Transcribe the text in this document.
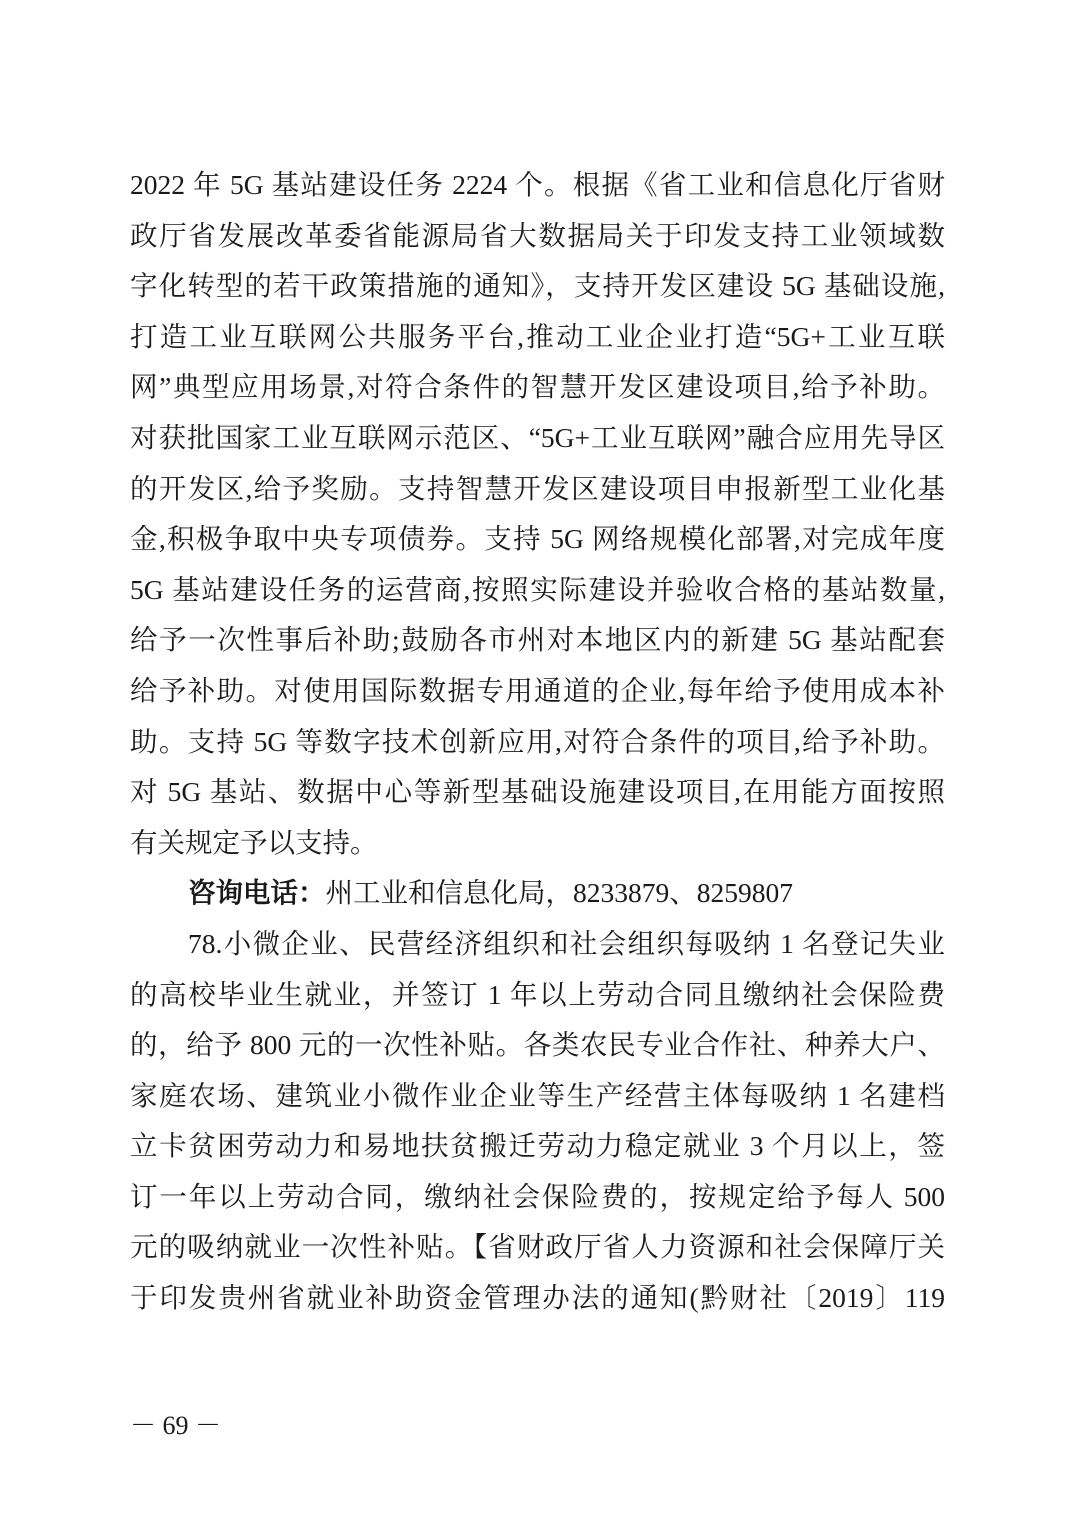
2022 年 5G 基站建设任务 2224 个。根据《省工业和信息化厅省财
政厅省发展改革委省能源局省大数据局关于印发支持工业领域数
字化转型的若干政策措施的通知》，支持开发区建设 5G 基础设施,
打造工业互联网公共服务平台,推动工业企业打造“5G+工业互联
网”典型应用场景,对符合条件的智慧开发区建设项目,给予补助。
对获批国家工业互联网示范区、“5G+工业互联网”融合应用先导区
的开发区,给予奖励。支持智慧开发区建设项目申报新型工业化基
金,积极争取中央专项债券。支持 5G 网络规模化部署,对完成年度
5G 基站建设任务的运营商,按照实际建设并验收合格的基站数量,
给予一次性事后补助;鼓励各市州对本地区内的新建 5G 基站配套
给予补助。对使用国际数据专用通道的企业,每年给予使用成本补
助。支持 5G 等数字技术创新应用,对符合条件的项目,给予补助。
对 5G 基站、数据中心等新型基础设施建设项目,在用能方面按照
有关规定予以支持。
咨询电话：州工业和信息化局，8233879、8259807
78.小微企业、民营经济组织和社会组织每吸纳 1 名登记失业
的高校毕业生就业，并签订 1 年以上劳动合同且缴纳社会保险费
的，给予 800 元的一次性补贴。各类农民专业合作社、种养大户、
家庭农场、建筑业小微作业企业等生产经营主体每吸纳 1 名建档
立卡贫困劳动力和易地扶贫搬迁劳动力稳定就业 3 个月以上，签
订一年以上劳动合同，缴纳社会保险费的，按规定给予每人 500
元的吸纳就业一次性补贴。【省财政厅省人力资源和社会保障厅关
于印发贵州省就业补助资金管理办法的通知(黔财社〔2019〕119
－ 69 －
